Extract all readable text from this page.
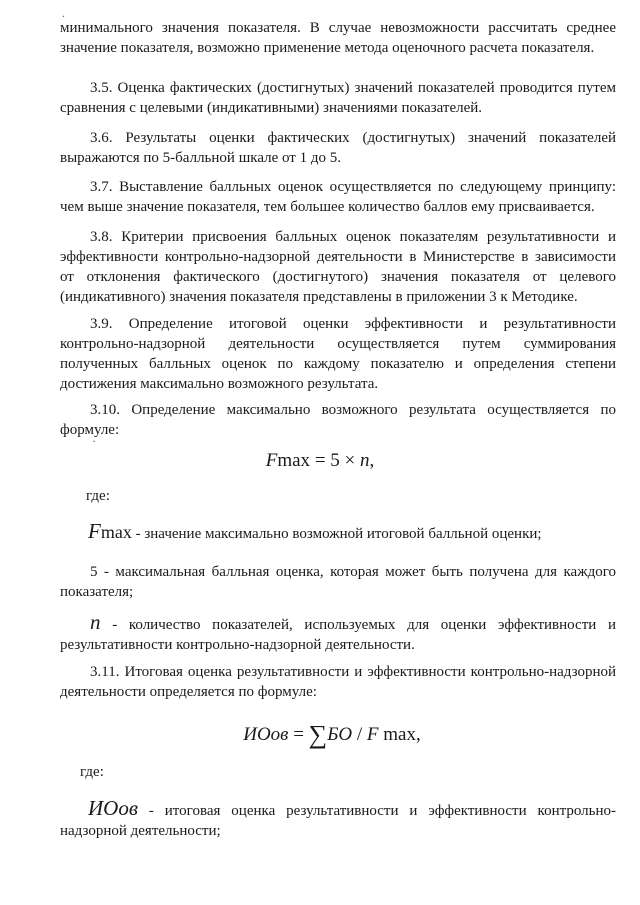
.

минимального значения показателя. В случае невозможности рассчитать среднее значение показателя, возможно применение метода оценочного расчета показателя.

3.5. Оценка фактических (достигнутых) значений показателей проводится путем сравнения с целевыми (индикативными) значениями показателей.

3.6. Результаты оценки фактических (достигнутых) значений показателей выражаются по 5-балльной шкале от 1 до 5.

3.7. Выставление балльных оценок осуществляется по следующему принципу: чем выше значение показателя, тем большее количество баллов ему присваивается.

3.8. Критерии присвоения балльных оценок показателям результативности и эффективности контрольно-надзорной деятельности в Министерстве в зависимости от отклонения фактического (достигнутого) значения показателя от целевого (индикативного) значения показателя представлены в приложении 3 к Методике.

3.9. Определение итоговой оценки эффективности и результативности контрольно-надзорной деятельности осуществляется путем суммирования полученных балльных оценок по каждому показателю и определения степени достижения максимально возможного результата.

3.10. Определение максимально возможного результата осуществляется по формуле:

·
Fmax = 5 × n,
где:

Fmax - значение максимально возможной итоговой балльной оценки;

5 - максимальная балльная оценка, которая может быть получена для каждого показателя;

n - количество показателей, используемых для оценки эффективности и результативности контрольно-надзорной деятельности.

3.11. Итоговая оценка результативности и эффективности контрольно-надзорной деятельности определяется по формуле:

ИОов = ∑БО / F max,
где:

ИОов - итоговая оценка результативности и эффективности контрольно-надзорной деятельности;
